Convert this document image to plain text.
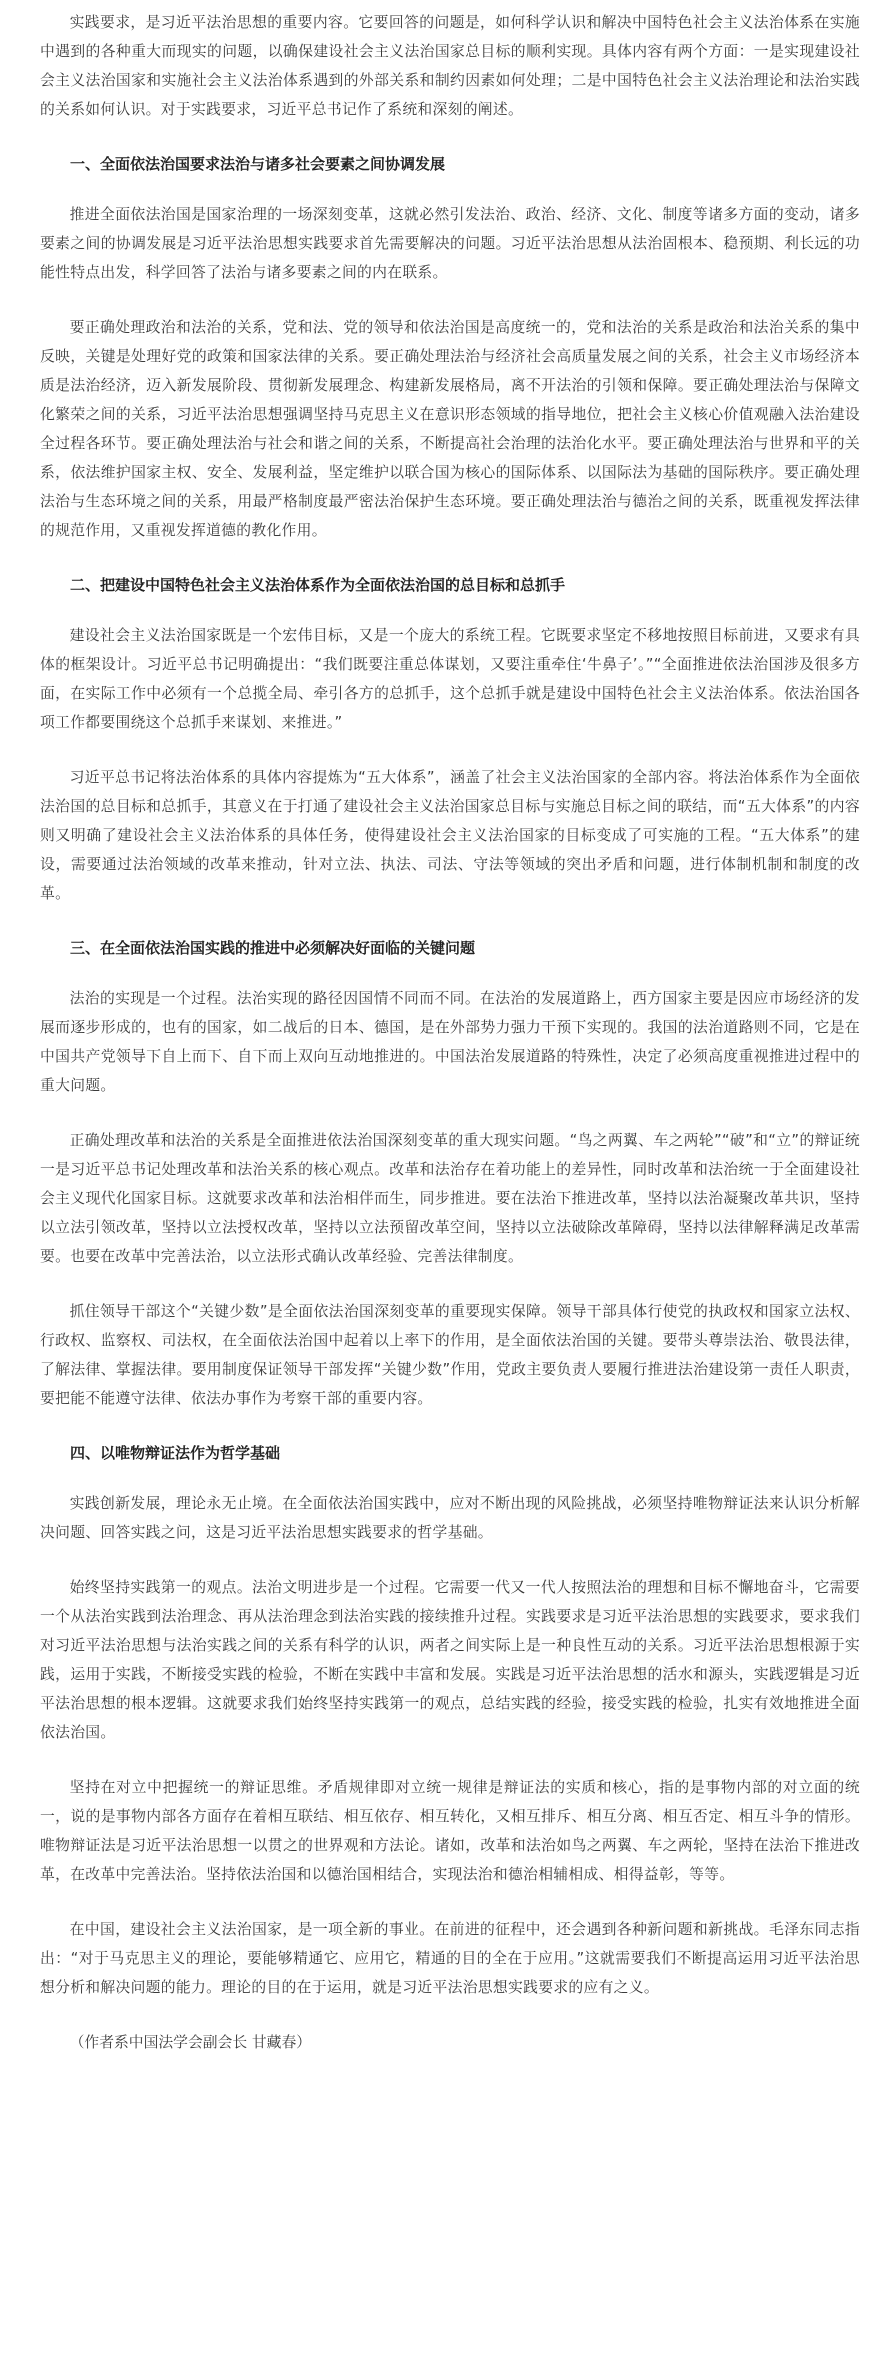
实践要求，是习近平法治思想的重要内容。它要回答的问题是，如何科学认识和解决中国特色社会主义法治体系在实施中遇到的各种重大而现实的问题，以确保建设社会主义法治国家总目标的顺利实现。具体内容有两个方面：一是实现建设社会主义法治国家和实施社会主义法治体系遇到的外部关系和制约因素如何处理；二是中国特色社会主义法治理论和法治实践的关系如何认识。对于实践要求，习近平总书记作了系统和深刻的阐述。

一、全面依法治国要求法治与诸多社会要素之间协调发展

推进全面依法治国是国家治理的一场深刻变革，这就必然引发法治、政治、经济、文化、制度等诸多方面的变动，诸多要素之间的协调发展是习近平法治思想实践要求首先需要解决的问题。习近平法治思想从法治固根本、稳预期、利长远的功能性特点出发，科学回答了法治与诸多要素之间的内在联系。

要正确处理政治和法治的关系，党和法、党的领导和依法治国是高度统一的，党和法治的关系是政治和法治关系的集中反映，关键是处理好党的政策和国家法律的关系。要正确处理法治与经济社会高质量发展之间的关系，社会主义市场经济本质是法治经济，迈入新发展阶段、贯彻新发展理念、构建新发展格局，离不开法治的引领和保障。要正确处理法治与保障文化繁荣之间的关系，习近平法治思想强调坚持马克思主义在意识形态领域的指导地位，把社会主义核心价值观融入法治建设全过程各环节。要正确处理法治与社会和谐之间的关系，不断提高社会治理的法治化水平。要正确处理法治与世界和平的关系，依法维护国家主权、安全、发展利益，坚定维护以联合国为核心的国际体系、以国际法为基础的国际秩序。要正确处理法治与生态环境之间的关系，用最严格制度最严密法治保护生态环境。要正确处理法治与德治之间的关系，既重视发挥法律的规范作用，又重视发挥道德的教化作用。

二、把建设中国特色社会主义法治体系作为全面依法治国的总目标和总抓手

建设社会主义法治国家既是一个宏伟目标，又是一个庞大的系统工程。它既要求坚定不移地按照目标前进，又要求有具体的框架设计。习近平总书记明确提出：“我们既要注重总体谋划，又要注重牵住‘牛鼻子’。”“全面推进依法治国涉及很多方面，在实际工作中必须有一个总揽全局、牵引各方的总抓手，这个总抓手就是建设中国特色社会主义法治体系。依法治国各项工作都要围绕这个总抓手来谋划、来推进。”

习近平总书记将法治体系的具体内容提炼为“五大体系”，涵盖了社会主义法治国家的全部内容。将法治体系作为全面依法治国的总目标和总抓手，其意义在于打通了建设社会主义法治国家总目标与实施总目标之间的联结，而“五大体系”的内容则又明确了建设社会主义法治体系的具体任务，使得建设社会主义法治国家的目标变成了可实施的工程。“五大体系”的建设，需要通过法治领域的改革来推动，针对立法、执法、司法、守法等领域的突出矛盾和问题，进行体制机制和制度的改革。

三、在全面依法治国实践的推进中必须解决好面临的关键问题

法治的实现是一个过程。法治实现的路径因国情不同而不同。在法治的发展道路上，西方国家主要是因应市场经济的发展而逐步形成的，也有的国家，如二战后的日本、德国，是在外部势力强力干预下实现的。我国的法治道路则不同，它是在中国共产党领导下自上而下、自下而上双向互动地推进的。中国法治发展道路的特殊性，决定了必须高度重视推进过程中的重大问题。

正确处理改革和法治的关系是全面推进依法治国深刻变革的重大现实问题。“鸟之两翼、车之两轮”“破”和“立”的辩证统一是习近平总书记处理改革和法治关系的核心观点。改革和法治存在着功能上的差异性，同时改革和法治统一于全面建设社会主义现代化国家目标。这就要求改革和法治相伴而生，同步推进。要在法治下推进改革，坚持以法治凝聚改革共识，坚持以立法引领改革，坚持以立法授权改革，坚持以立法预留改革空间，坚持以立法破除改革障碍，坚持以法律解释满足改革需要。也要在改革中完善法治，以立法形式确认改革经验、完善法律制度。

抓住领导干部这个“关键少数”是全面依法治国深刻变革的重要现实保障。领导干部具体行使党的执政权和国家立法权、行政权、监察权、司法权，在全面依法治国中起着以上率下的作用，是全面依法治国的关键。要带头尊崇法治、敬畏法律，了解法律、掌握法律。要用制度保证领导干部发挥“关键少数”作用，党政主要负责人要履行推进法治建设第一责任人职责，要把能不能遵守法律、依法办事作为考察干部的重要内容。

四、以唯物辩证法作为哲学基础

实践创新发展，理论永无止境。在全面依法治国实践中，应对不断出现的风险挑战，必须坚持唯物辩证法来认识分析解决问题、回答实践之问，这是习近平法治思想实践要求的哲学基础。

始终坚持实践第一的观点。法治文明进步是一个过程。它需要一代又一代人按照法治的理想和目标不懈地奋斗，它需要一个从法治实践到法治理念、再从法治理念到法治实践的接续推升过程。实践要求是习近平法治思想的实践要求，要求我们对习近平法治思想与法治实践之间的关系有科学的认识，两者之间实际上是一种良性互动的关系。习近平法治思想根源于实践，运用于实践，不断接受实践的检验，不断在实践中丰富和发展。实践是习近平法治思想的活水和源头，实践逻辑是习近平法治思想的根本逻辑。这就要求我们始终坚持实践第一的观点，总结实践的经验，接受实践的检验，扎实有效地推进全面依法治国。

坚持在对立中把握统一的辩证思维。矛盾规律即对立统一规律是辩证法的实质和核心，指的是事物内部的对立面的统一，说的是事物内部各方面存在着相互联结、相互依存、相互转化，又相互排斥、相互分离、相互否定、相互斗争的情形。唯物辩证法是习近平法治思想一以贯之的世界观和方法论。诸如，改革和法治如鸟之两翼、车之两轮，坚持在法治下推进改革，在改革中完善法治。坚持依法治国和以德治国相结合，实现法治和德治相辅相成、相得益彰，等等。

在中国，建设社会主义法治国家，是一项全新的事业。在前进的征程中，还会遇到各种新问题和新挑战。毛泽东同志指出：“对于马克思主义的理论，要能够精通它、应用它，精通的目的全在于应用。”这就需要我们不断提高运用习近平法治思想分析和解决问题的能力。理论的目的在于运用，就是习近平法治思想实践要求的应有之义。

（作者系中国法学会副会长 甘藏春）
